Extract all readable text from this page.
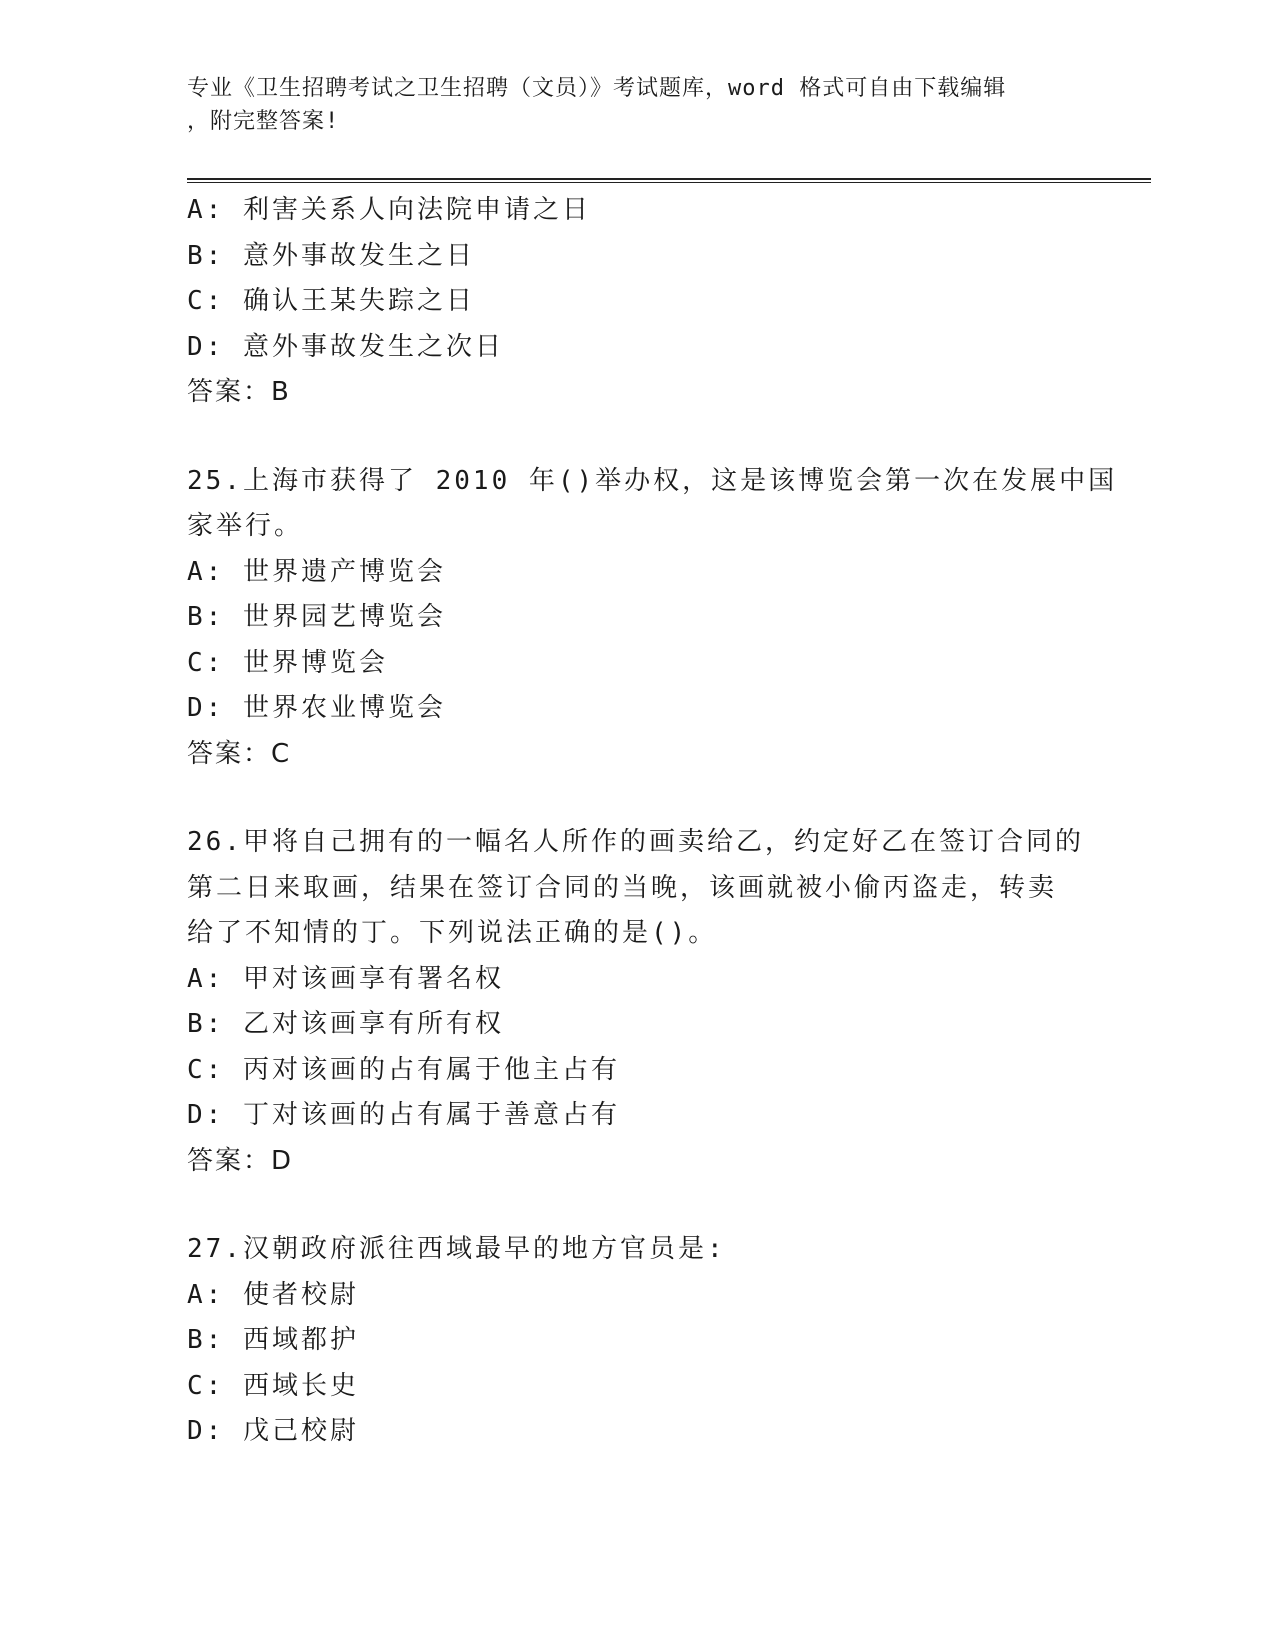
专业《卫生招聘考试之卫生招聘（文员）》考试题库，word 格式可自由下载编辑
，附完整答案!
A: 利害关系人向法院申请之日
B: 意外事故发生之日
C: 确认王某失踪之日
D: 意外事故发生之次日
答案：B
25.上海市获得了 2010 年()举办权，这是该博览会第一次在发展中国
家举行。
A: 世界遗产博览会
B: 世界园艺博览会
C: 世界博览会
D: 世界农业博览会
答案：C
26.甲将自己拥有的一幅名人所作的画卖给乙，约定好乙在签订合同的
第二日来取画，结果在签订合同的当晚，该画就被小偷丙盗走，转卖
给了不知情的丁。下列说法正确的是()。
A: 甲对该画享有署名权
B: 乙对该画享有所有权
C: 丙对该画的占有属于他主占有
D: 丁对该画的占有属于善意占有
答案：D
27.汉朝政府派往西域最早的地方官员是:
A: 使者校尉
B: 西域都护
C: 西域长史
D: 戊己校尉
